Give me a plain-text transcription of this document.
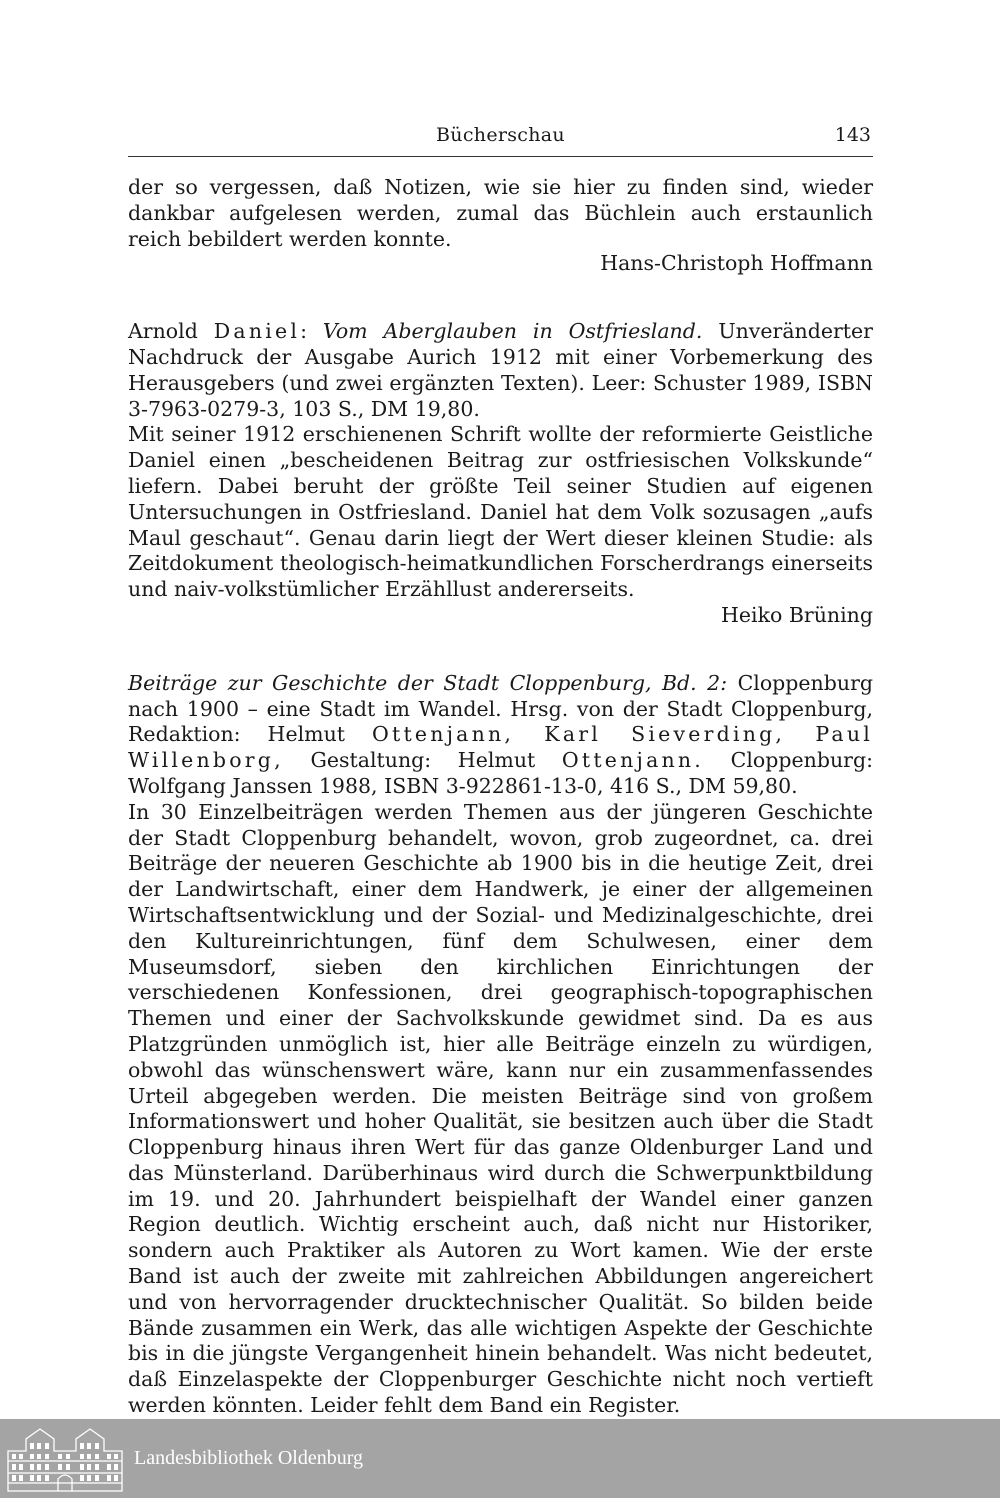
Bücherschau	143

der so vergessen, daß Notizen, wie sie hier zu finden sind, wieder dankbar aufgelesen werden, zumal das Büchlein auch erstaunlich reich bebildert werden konnte.

Hans-Christoph Hoffmann

Arnold Daniel: Vom Aberglauben in Ostfriesland. Unveränderter Nachdruck der Ausgabe Aurich 1912 mit einer Vorbemerkung des Herausgebers (und zwei ergänzten Texten). Leer: Schuster 1989, ISBN 3-7963-0279-3, 103 S., DM 19,80.

Mit seiner 1912 erschienenen Schrift wollte der reformierte Geistliche Daniel einen „bescheidenen Beitrag zur ostfriesischen Volkskunde“ liefern. Dabei beruht der größte Teil seiner Studien auf eigenen Untersuchungen in Ostfriesland. Daniel hat dem Volk sozusagen „aufs Maul geschaut“. Genau darin liegt der Wert dieser kleinen Studie: als Zeitdokument theologisch-heimatkundlichen Forscherdrangs einerseits und naiv-volkstümlicher Erzähllust andererseits.

Heiko Brüning

Beiträge zur Geschichte der Stadt Cloppenburg, Bd. 2: Cloppenburg nach 1900 – eine Stadt im Wandel. Hrsg. von der Stadt Cloppenburg, Redaktion: Helmut Ottenjann, Karl Sieverding, Paul Willenborg, Gestaltung: Helmut Ottenjann. Cloppenburg: Wolfgang Janssen 1988, ISBN 3-922861-13-0, 416 S., DM 59,80.

In 30 Einzelbeiträgen werden Themen aus der jüngeren Geschichte der Stadt Cloppenburg behandelt, wovon, grob zugeordnet, ca. drei Beiträge der neueren Geschichte ab 1900 bis in die heutige Zeit, drei der Landwirtschaft, einer dem Handwerk, je einer der allgemeinen Wirtschaftsentwicklung und der Sozial- und Medizinalgeschichte, drei den Kultureinrichtungen, fünf dem Schulwesen, einer dem Museumsdorf, sieben den kirchlichen Einrichtungen der verschiedenen Konfessionen, drei geographisch-topographischen Themen und einer der Sachvolkskunde gewidmet sind. Da es aus Platzgründen unmöglich ist, hier alle Beiträge einzeln zu würdigen, obwohl das wünschenswert wäre, kann nur ein zusammenfassendes Urteil abgegeben werden. Die meisten Beiträge sind von großem Informationswert und hoher Qualität, sie besitzen auch über die Stadt Cloppenburg hinaus ihren Wert für das ganze Oldenburger Land und das Münsterland. Darüberhinaus wird durch die Schwerpunktbildung im 19. und 20. Jahrhundert beispielhaft der Wandel einer ganzen Region deutlich. Wichtig erscheint auch, daß nicht nur Historiker, sondern auch Praktiker als Autoren zu Wort kamen. Wie der erste Band ist auch der zweite mit zahlreichen Abbildungen angereichert und von hervorragender drucktechnischer Qualität. So bilden beide Bände zusammen ein Werk, das alle wichtigen Aspekte der Geschichte bis in die jüngste Vergangenheit hinein behandelt. Was nicht bedeutet, daß Einzelaspekte der Cloppenburger Geschichte nicht noch vertieft werden könnten. Leider fehlt dem Band ein Register.

Landesbibliothek Oldenburg
